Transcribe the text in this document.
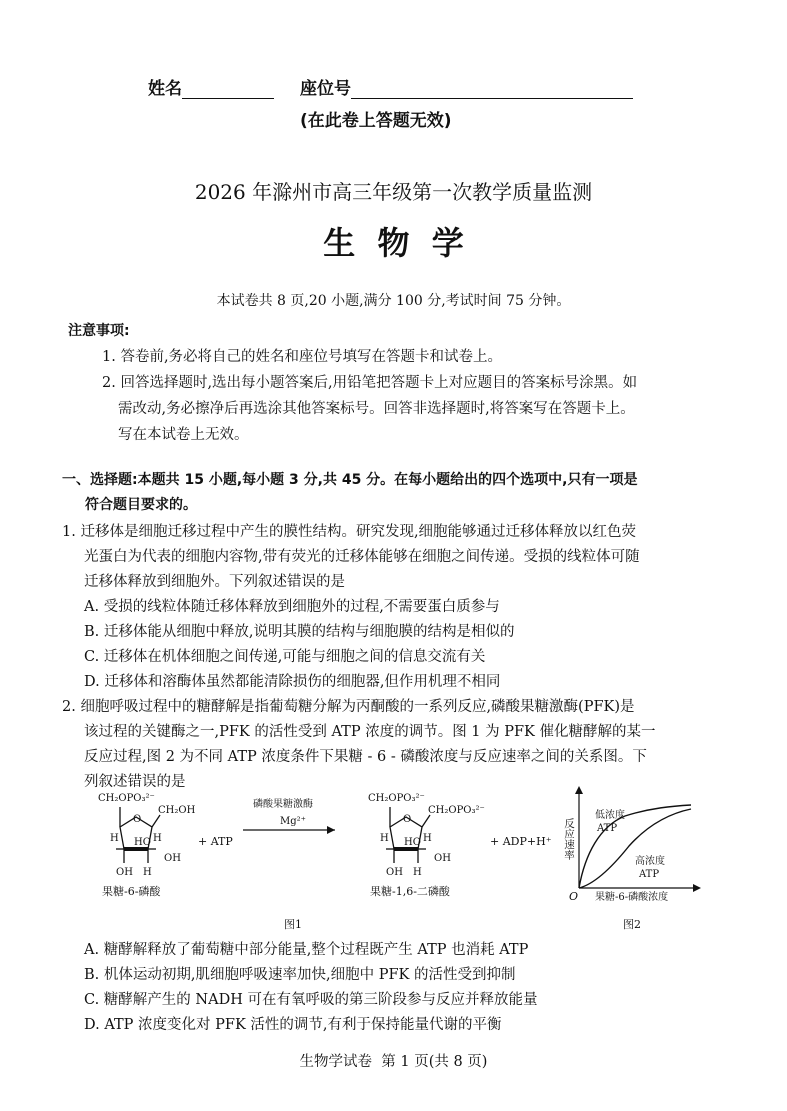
姓名	座位号
(在此卷上答题无效)
2026 年滁州市高三年级第一次教学质量监测
生  物  学
本试卷共 8 页,20 小题,满分 100 分,考试时间 75 分钟。
注意事项:
1. 答卷前,务必将自己的姓名和座位号填写在答题卡和试卷上。
2. 回答选择题时,选出每小题答案后,用铅笔把答题卡上对应题目的答案标号涂黑。如
需改动,务必擦净后再选涂其他答案标号。回答非选择题时,将答案写在答题卡上。
写在本试卷上无效。
一、选择题:本题共 15 小题,每小题 3 分,共 45 分。在每小题给出的四个选项中,只有一项是
符合题目要求的。
1. 迁移体是细胞迁移过程中产生的膜性结构。研究发现,细胞能够通过迁移体释放以红色荧
光蛋白为代表的细胞内容物,带有荧光的迁移体能够在细胞之间传递。受损的线粒体可随
迁移体释放到细胞外。下列叙述错误的是
A. 受损的线粒体随迁移体释放到细胞外的过程,不需要蛋白质参与
B. 迁移体能从细胞中释放,说明其膜的结构与细胞膜的结构是相似的
C. 迁移体在机体细胞之间传递,可能与细胞之间的信息交流有关
D. 迁移体和溶酶体虽然都能清除损伤的细胞器,但作用机理不相同
2. 细胞呼吸过程中的糖酵解是指葡萄糖分解为丙酮酸的一系列反应,磷酸果糖激酶(PFK)是
该过程的关键酶之一,PFK 的活性受到 ATP 浓度的调节。图 1 为 PFK 催化糖酵解的某一
反应过程,图 2 为不同 ATP 浓度条件下果糖 - 6 - 磷酸浓度与反应速率之间的关系图。下
列叙述错误的是
O
CH₂OPO₃²⁻
CH₂OH
H HO H
OH H
OH
果糖-6-磷酸
+ ATP
磷酸果糖激酶
Mg²⁺	O
CH₂OPO₃²⁻
CH₂OPO₃²⁻
H HO H
OH H
OH
果糖-1,6-二磷酸
+ ADP+H⁺
图1
O
低浓度
ATP
高浓度
ATP
果糖-6-磷酸浓度
反应速率
图2
A. 糖酵解释放了葡萄糖中部分能量,整个过程既产生 ATP 也消耗 ATP
B. 机体运动初期,肌细胞呼吸速率加快,细胞中 PFK 的活性受到抑制
C. 糖酵解产生的 NADH 可在有氧呼吸的第三阶段参与反应并释放能量
D. ATP 浓度变化对 PFK 活性的调节,有利于保持能量代谢的平衡
生物学试卷  第 1 页(共 8 页)
